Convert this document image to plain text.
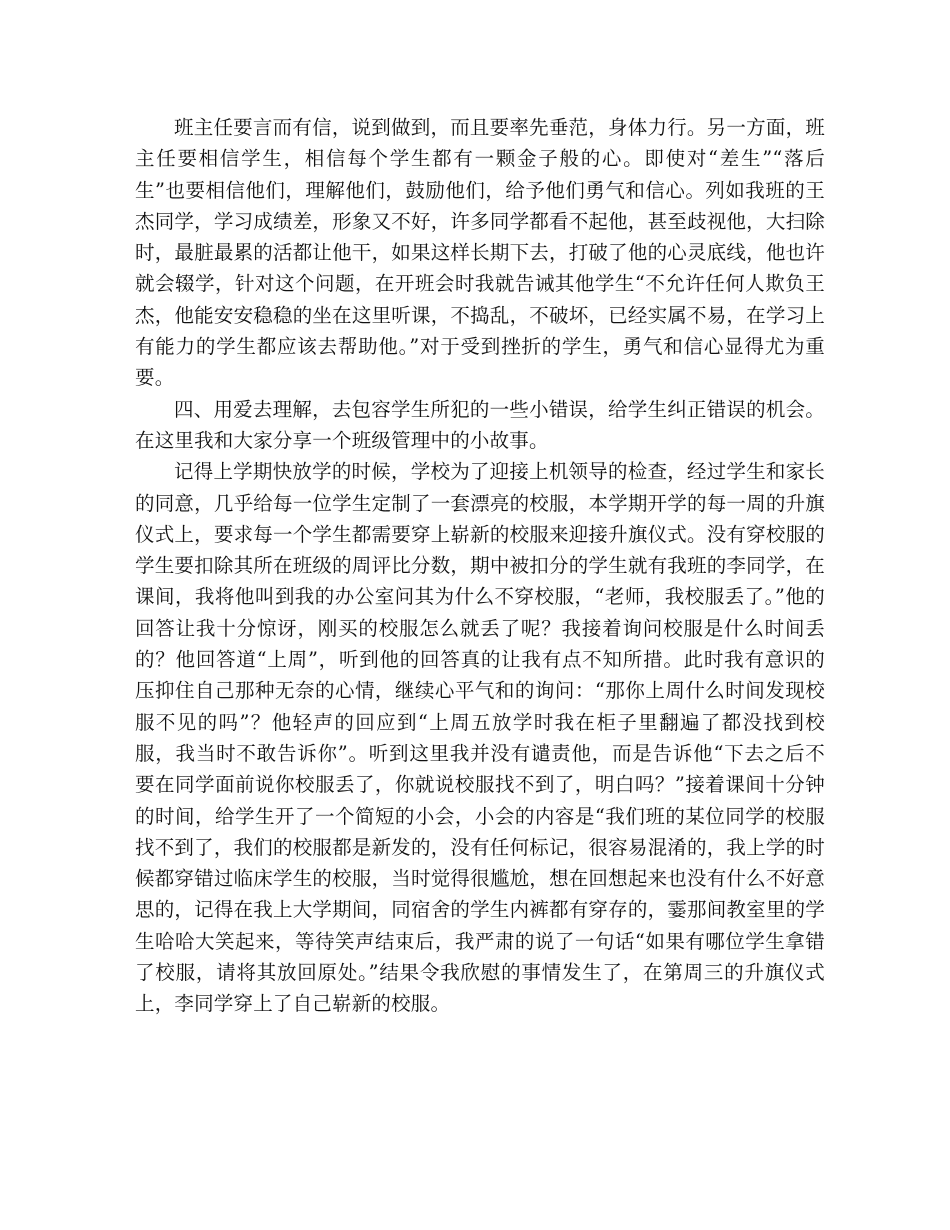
班主任要言而有信，说到做到，而且要率先垂范，身体力行。另一方面，班主任要相信学生，相信每个学生都有一颗金子般的心。即使对“差生”“落后生”也要相信他们，理解他们，鼓励他们，给予他们勇气和信心。列如我班的王杰同学，学习成绩差，形象又不好，许多同学都看不起他，甚至歧视他，大扫除时，最脏最累的活都让他干，如果这样长期下去，打破了他的心灵底线，他也许就会辍学，针对这个问题，在开班会时我就告诫其他学生“不允许任何人欺负王杰，他能安安稳稳的坐在这里听课，不捣乱，不破坏，已经实属不易，在学习上有能力的学生都应该去帮助他。”对于受到挫折的学生，勇气和信心显得尤为重要。

四、用爱去理解，去包容学生所犯的一些小错误，给学生纠正错误的机会。在这里我和大家分享一个班级管理中的小故事。

记得上学期快放学的时候，学校为了迎接上机领导的检查，经过学生和家长的同意，几乎给每一位学生定制了一套漂亮的校服，本学期开学的每一周的升旗仪式上，要求每一个学生都需要穿上崭新的校服来迎接升旗仪式。没有穿校服的学生要扣除其所在班级的周评比分数，期中被扣分的学生就有我班的李同学，在课间，我将他叫到我的办公室问其为什么不穿校服，“老师，我校服丢了。”他的回答让我十分惊讶，刚买的校服怎么就丢了呢？我接着询问校服是什么时间丢的？他回答道“上周”，听到他的回答真的让我有点不知所措。此时我有意识的压抑住自己那种无奈的心情，继续心平气和的询问：“那你上周什么时间发现校服不见的吗”？他轻声的回应到“上周五放学时我在柜子里翻遍了都没找到校服，我当时不敢告诉你”。听到这里我并没有谴责他，而是告诉他“下去之后不要在同学面前说你校服丢了，你就说校服找不到了，明白吗？”接着课间十分钟的时间，给学生开了一个简短的小会，小会的内容是“我们班的某位同学的校服找不到了，我们的校服都是新发的，没有任何标记，很容易混淆的，我上学的时候都穿错过临床学生的校服，当时觉得很尴尬，想在回想起来也没有什么不好意思的，记得在我上大学期间，同宿舍的学生内裤都有穿存的，霎那间教室里的学生哈哈大笑起来，等待笑声结束后，我严肃的说了一句话“如果有哪位学生拿错了校服，请将其放回原处。”结果令我欣慰的事情发生了，在第周三的升旗仪式上，李同学穿上了自己崭新的校服。
